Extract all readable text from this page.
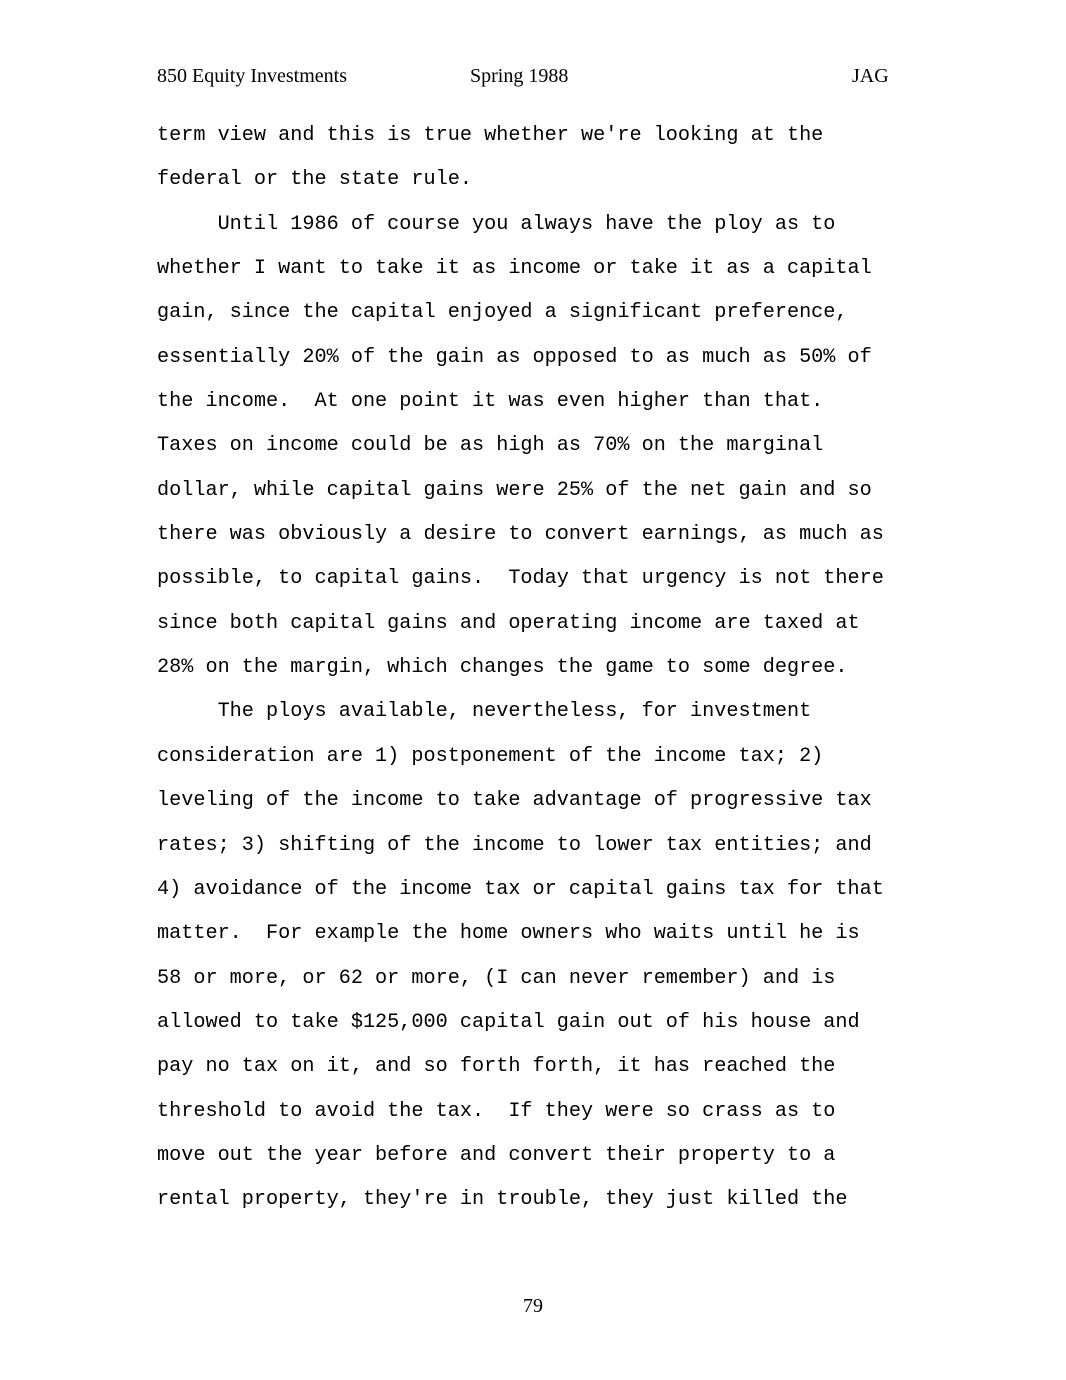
850 Equity Investments	Spring 1988	JAG
term view and this is true whether we're looking at the
federal or the state rule.
Until 1986 of course you always have the ploy as to
whether I want to take it as income or take it as a capital
gain, since the capital enjoyed a significant preference,
essentially 20% of the gain as opposed to as much as 50% of
the income.  At one point it was even higher than that.
Taxes on income could be as high as 70% on the marginal
dollar, while capital gains were 25% of the net gain and so
there was obviously a desire to convert earnings, as much as
possible, to capital gains.  Today that urgency is not there
since both capital gains and operating income are taxed at
28% on the margin, which changes the game to some degree.
The ploys available, nevertheless, for investment
consideration are 1) postponement of the income tax; 2)
leveling of the income to take advantage of progressive tax
rates; 3) shifting of the income to lower tax entities; and
4) avoidance of the income tax or capital gains tax for that
matter.  For example the home owners who waits until he is
58 or more, or 62 or more, (I can never remember) and is
allowed to take $125,000 capital gain out of his house and
pay no tax on it, and so forth forth, it has reached the
threshold to avoid the tax.  If they were so crass as to
move out the year before and convert their property to a
rental property, they're in trouble, they just killed the
79
